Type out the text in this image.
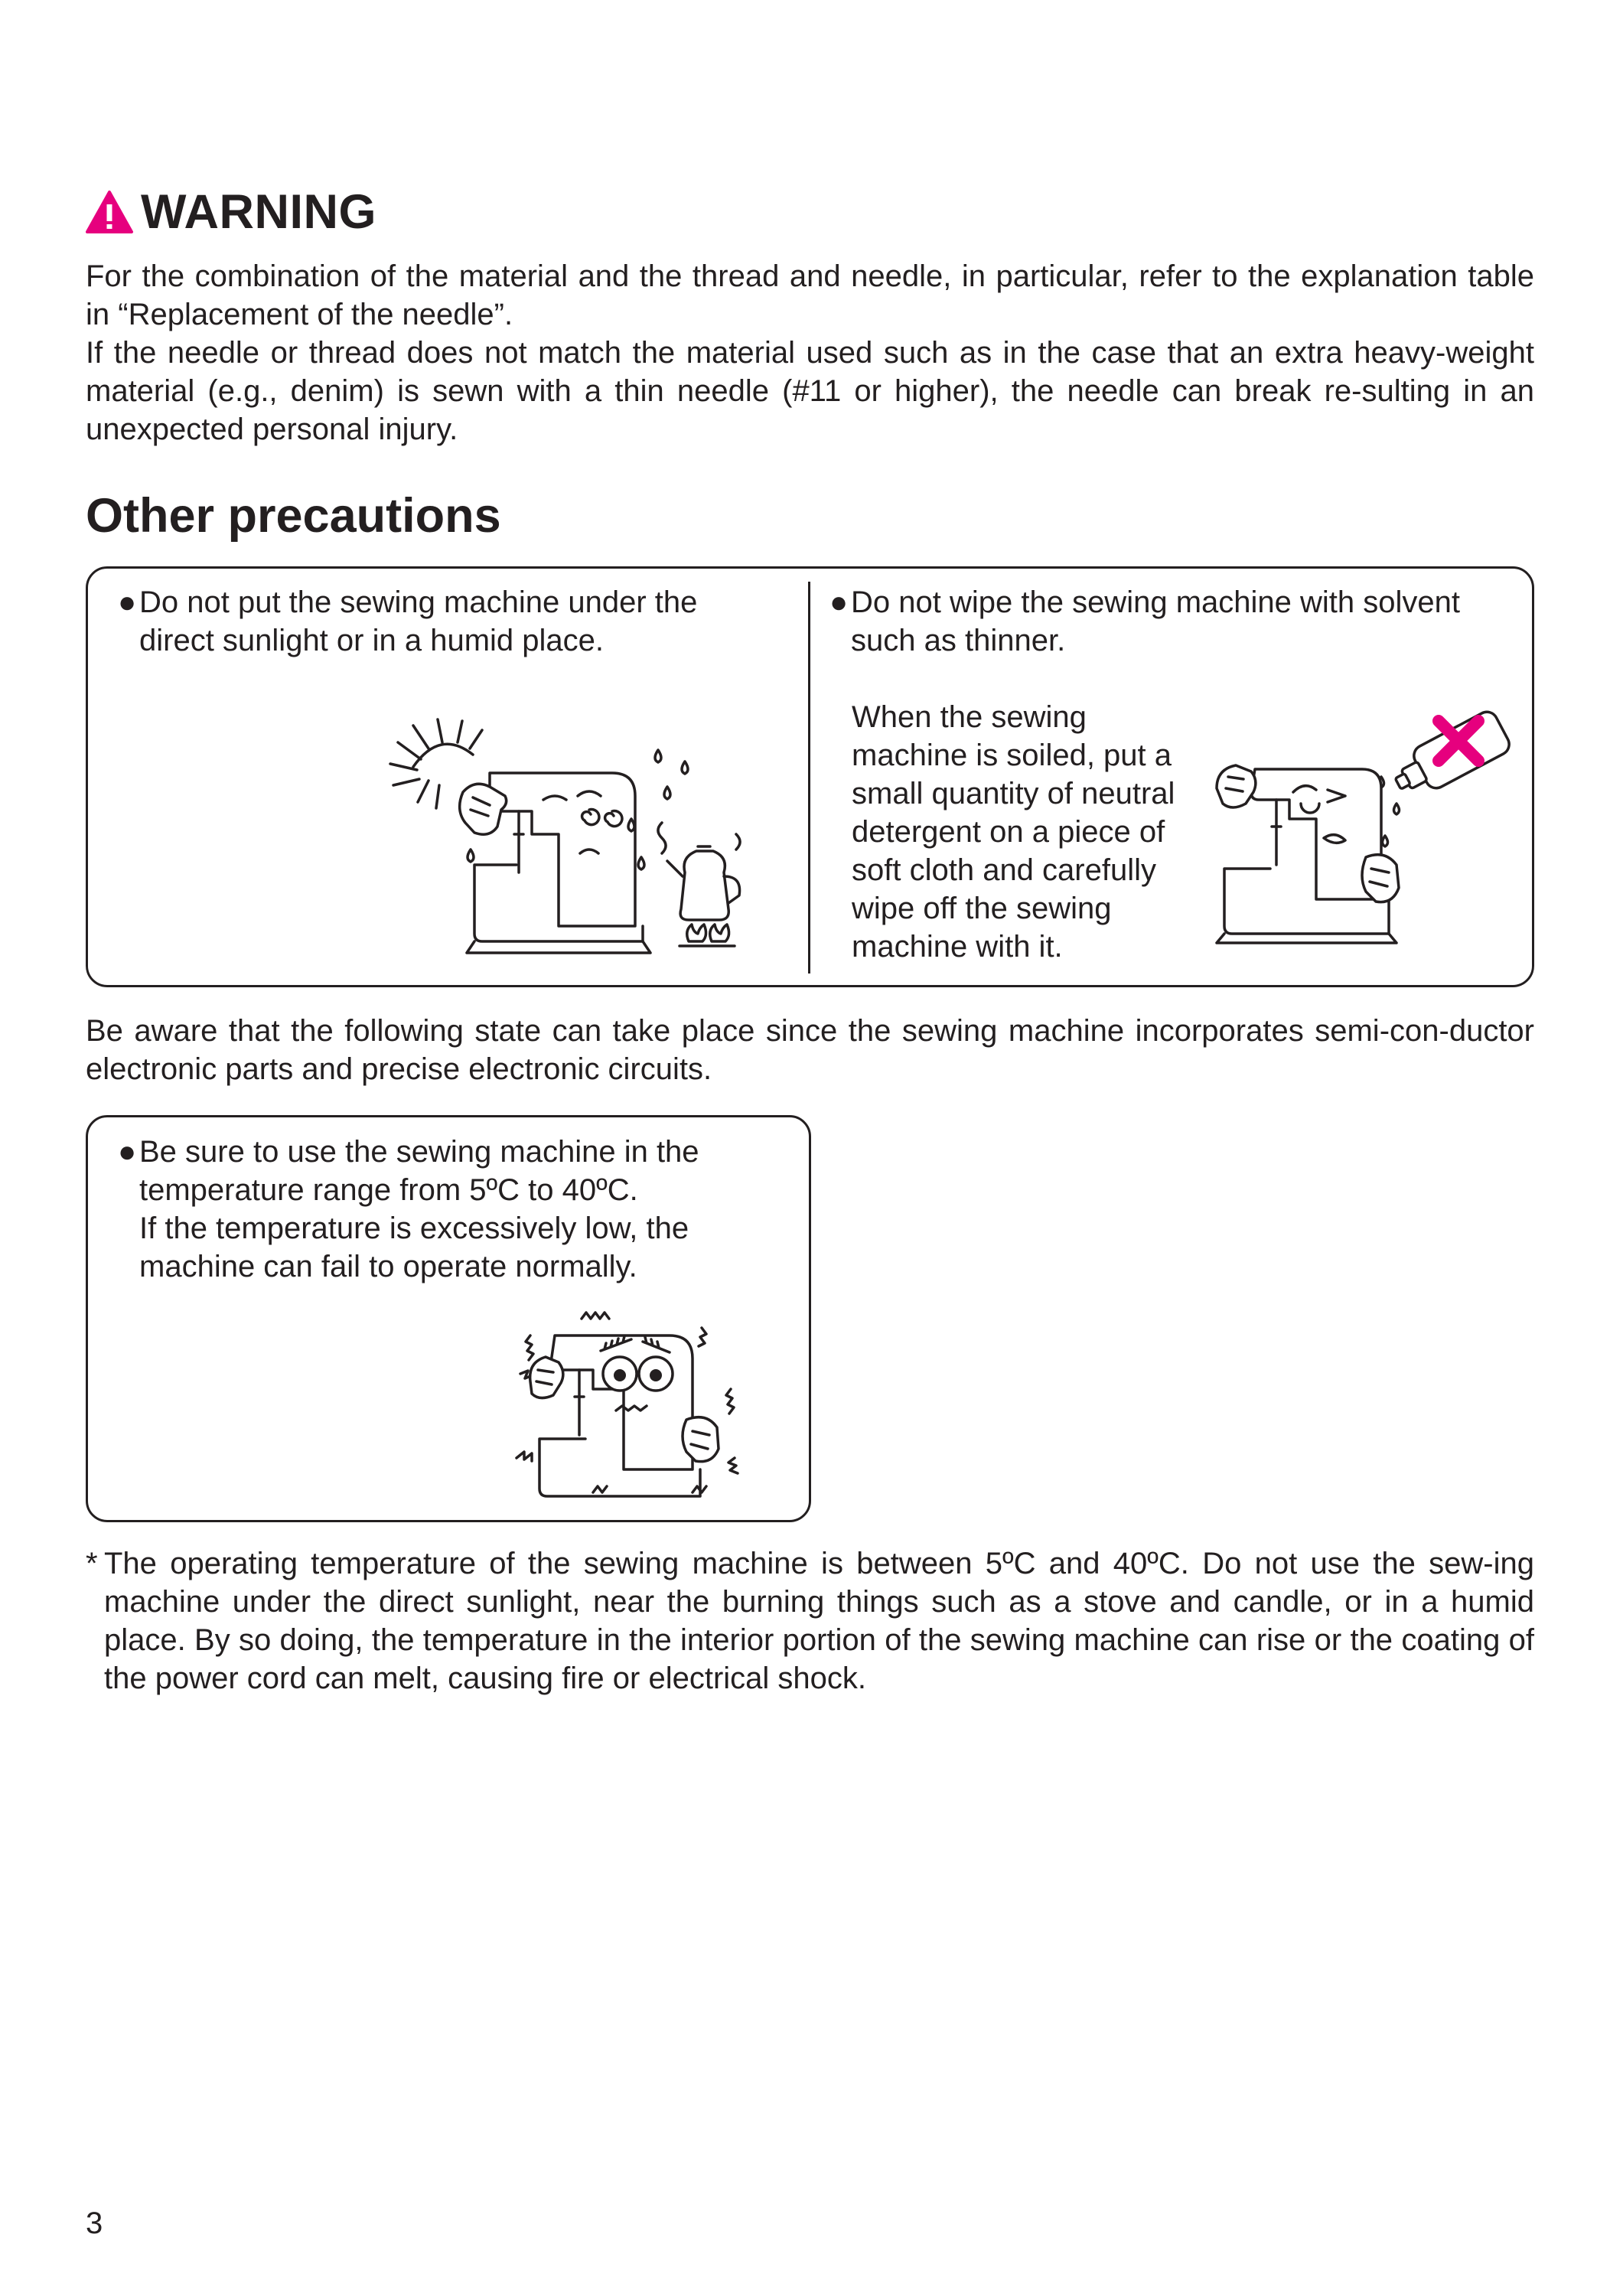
WARNING
For the combination of the material and the thread and needle, in particular, refer to the explanation table in “Replacement of the needle”.
If the needle or thread does not match the material used such as in the case that an extra heavy-weight material (e.g., denim) is sewn with a thin needle (#11 or higher), the needle can break re-sulting in an unexpected personal injury.
Other precautions
● Do not put the sewing machine under the direct sunlight or in a humid place.
● Do not wipe the sewing machine with solvent such as thinner.
When the sewing machine is soiled, put a small quantity of neutral detergent on a piece of soft cloth and carefully wipe off the sewing machine with it.
Be aware that the following state can take place since the sewing machine incorporates semi-con-ductor electronic parts and precise electronic circuits.
● Be sure to use the sewing machine in the temperature range from 5ºC to 40ºC.
If the temperature is excessively low, the machine can fail to operate normally.
* The operating temperature of the sewing machine is between 5ºC and 40ºC. Do not use the sew-ing machine under the direct sunlight, near the burning things such as a stove and candle, or in a humid place. By so doing, the temperature in the interior portion of the sewing machine can rise or the coating of the power cord can melt, causing fire or electrical shock.
3
